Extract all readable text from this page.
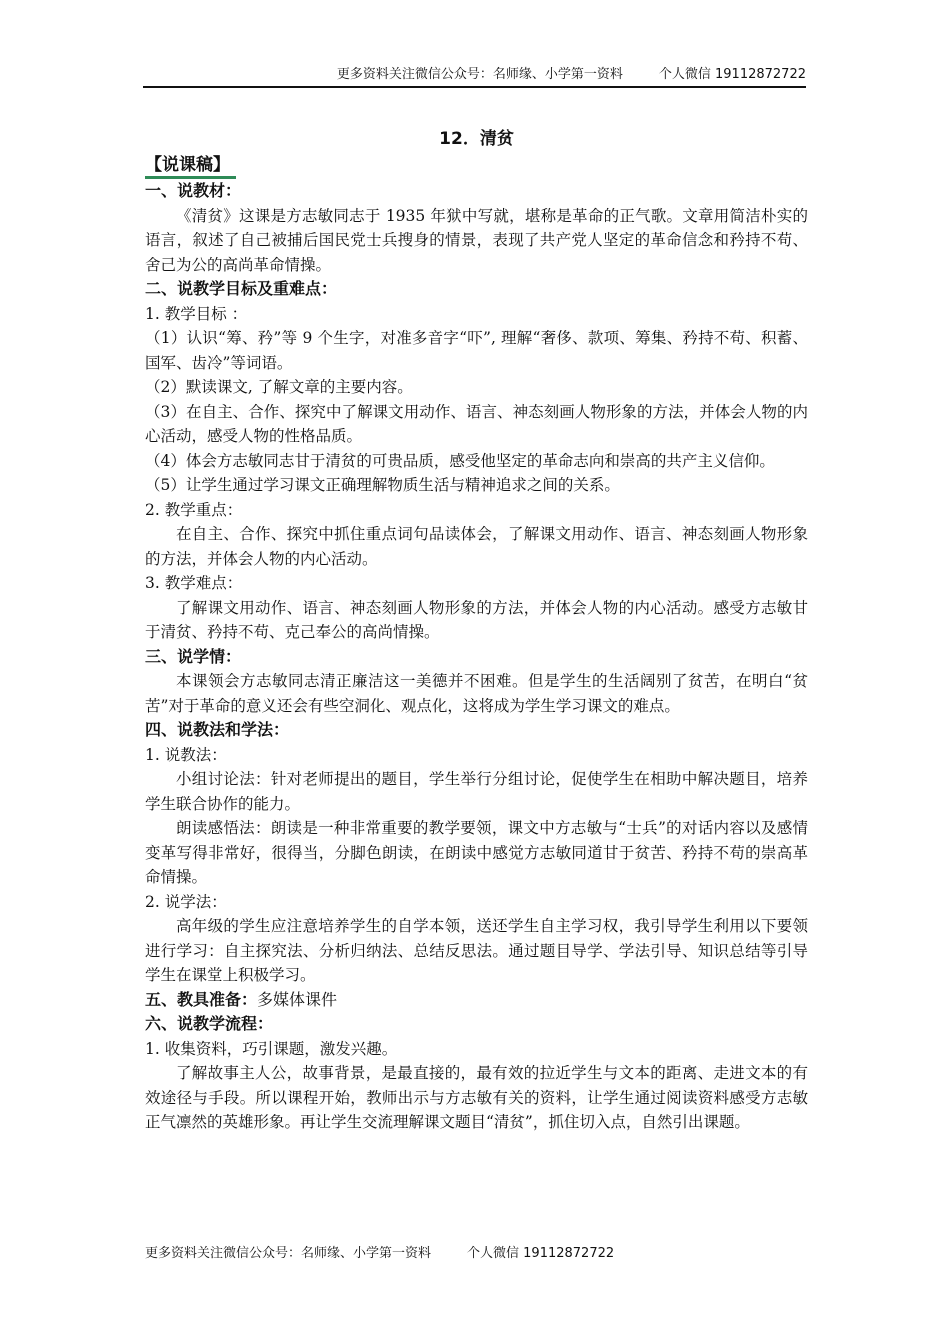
更多资料关注微信公众号：名师缘、小学第一资料	个人微信 19112872722
12．清贫
【说课稿】
一、说教材：

《清贫》这课是方志敏同志于 1935 年狱中写就，堪称是革命的正气歌。文章用简洁朴实的语言，叙述了自己被捕后国民党士兵搜身的情景，表现了共产党人坚定的革命信念和矜持不苟、舍己为公的高尚革命情操。

二、说教学目标及重难点：

1. 教学目标 ：

（1）认识“筹、矜”等 9 个生字，对准多音字“吓”, 理解“奢侈、款项、筹集、矜持不苟、积蓄、国军、齿冷”等词语。

（2）默读课文, 了解文章的主要内容。

（3）在自主、合作、探究中了解课文用动作、语言、神态刻画人物形象的方法，并体会人物的内心活动，感受人物的性格品质。

（4）体会方志敏同志甘于清贫的可贵品质，感受他坚定的革命志向和崇高的共产主义信仰。

（5）让学生通过学习课文正确理解物质生活与精神追求之间的关系。

2. 教学重点：

在自主、合作、探究中抓住重点词句品读体会，了解课文用动作、语言、神态刻画人物形象的方法，并体会人物的内心活动。

3. 教学难点：

了解课文用动作、语言、神态刻画人物形象的方法，并体会人物的内心活动。感受方志敏甘于清贫、矜持不苟、克己奉公的高尚情操。

三、说学情：

本课领会方志敏同志清正廉洁这一美德并不困难。但是学生的生活阔别了贫苦，在明白“贫苦”对于革命的意义还会有些空洞化、观点化，这将成为学生学习课文的难点。

四、说教法和学法：

1. 说教法：

小组讨论法：针对老师提出的题目，学生举行分组讨论，促使学生在相助中解决题目，培养学生联合协作的能力。

朗读感悟法：朗读是一种非常重要的教学要领，课文中方志敏与“士兵”的对话内容以及感情变革写得非常好，很得当，分脚色朗读，在朗读中感觉方志敏同道甘于贫苦、矜持不苟的崇高革命情操。

2. 说学法：

高年级的学生应注意培养学生的自学本领，送还学生自主学习权，我引导学生利用以下要领进行学习：自主探究法、分析归纳法、总结反思法。通过题目导学、学法引导、知识总结等引导学生在课堂上积极学习。

五、教具准备：多媒体课件
六、说教学流程：

1. 收集资料，巧引课题，激发兴趣。

了解故事主人公，故事背景，是最直接的，最有效的拉近学生与文本的距离、走进文本的有效途径与手段。所以课程开始，教师出示与方志敏有关的资料，让学生通过阅读资料感受方志敏正气凛然的英雄形象。再让学生交流理解课文题目“清贫”，抓住切入点，自然引出课题。

更多资料关注微信公众号：名师缘、小学第一资料	个人微信 19112872722
